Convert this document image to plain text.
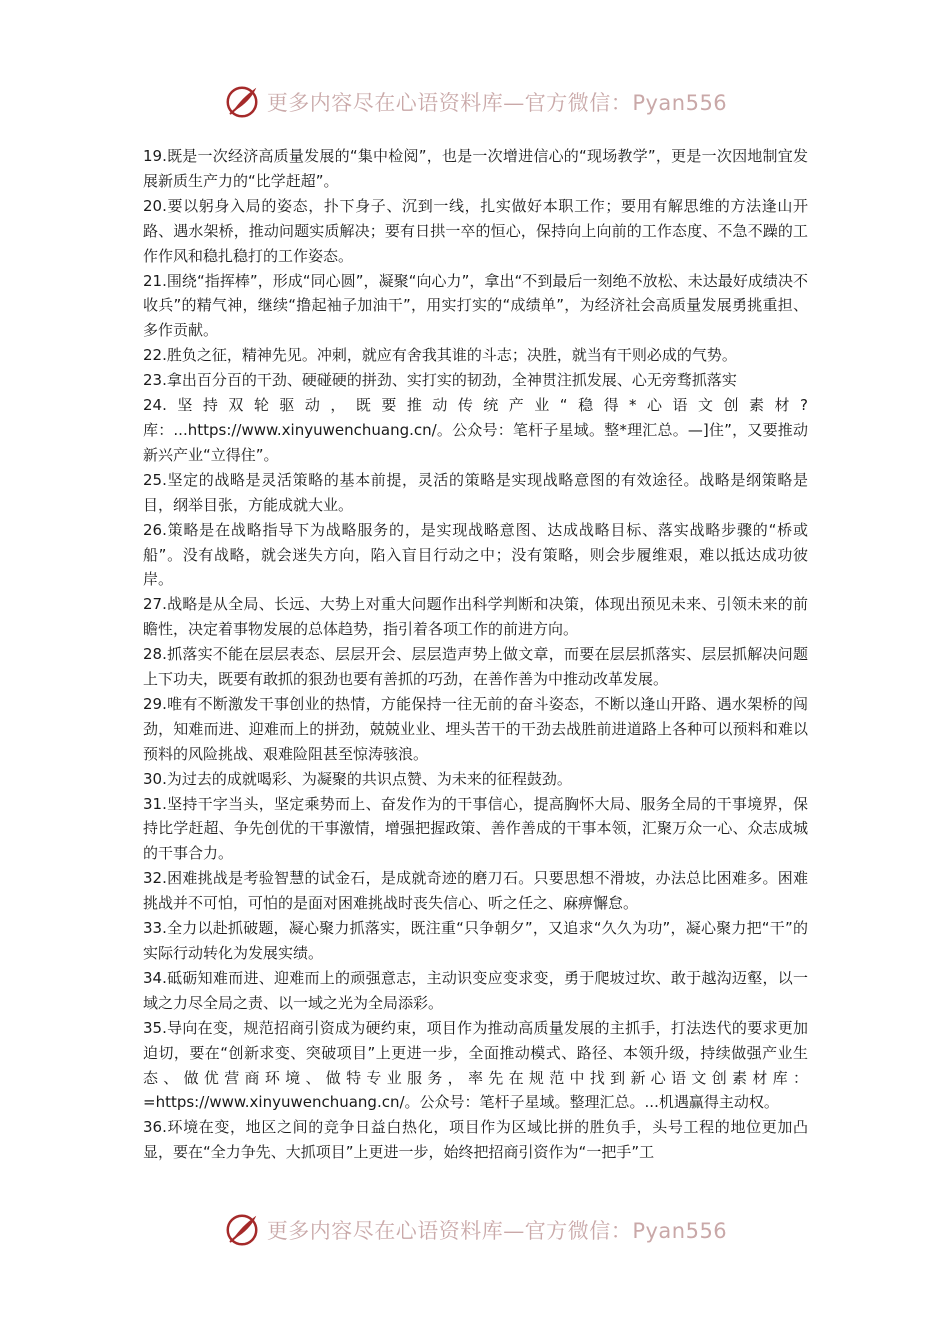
更多内容尽在心语资料库—官方微信：Pyan556

19.既是一次经济高质量发展的“集中检阅”，也是一次增进信心的“现场教学”，更是一次因地制宜发展新质生产力的“比学赶超”。

20.要以躬身入局的姿态，扑下身子、沉到一线，扎实做好本职工作；要用有解思维的方法逢山开路、遇水架桥，推动问题实质解决；要有日拱一卒的恒心，保持向上向前的工作态度、不急不躁的工作作风和稳扎稳打的工作姿态。

21.围绕“指挥棒”，形成“同心圆”，凝聚“向心力”，拿出“不到最后一刻绝不放松、未达最好成绩决不收兵”的精气神，继续“撸起袖子加油干”，用实打实的“成绩单”，为经济社会高质量发展勇挑重担、多作贡献。

22.胜负之征，精神先见。冲刺，就应有舍我其谁的斗志；决胜，就当有干则必成的气势。

23.拿出百分百的干劲、硬碰硬的拼劲、实打实的韧劲，全神贯注抓发展、心无旁骛抓落实

24.坚持双轮驱动，既要推动传统产业“稳得*心语文创素材?库：...https://www.xinyuwenchuang.cn/。公众号：笔杆子星域。整*理汇总。—]住”，又要推动新兴产业“立得住”。

25.坚定的战略是灵活策略的基本前提，灵活的策略是实现战略意图的有效途径。战略是纲策略是目，纲举目张，方能成就大业。

26.策略是在战略指导下为战略服务的，是实现战略意图、达成战略目标、落实战略步骤的“桥或船”。没有战略，就会迷失方向，陷入盲目行动之中；没有策略，则会步履维艰，难以抵达成功彼岸。

27.战略是从全局、长远、大势上对重大问题作出科学判断和决策，体现出预见未来、引领未来的前瞻性，决定着事物发展的总体趋势，指引着各项工作的前进方向。

28.抓落实不能在层层表态、层层开会、层层造声势上做文章，而要在层层抓落实、层层抓解决问题上下功夫，既要有敢抓的狠劲也要有善抓的巧劲，在善作善为中推动改革发展。

29.唯有不断激发干事创业的热情，方能保持一往无前的奋斗姿态，不断以逢山开路、遇水架桥的闯劲，知难而进、迎难而上的拼劲，兢兢业业、埋头苦干的干劲去战胜前进道路上各种可以预料和难以预料的风险挑战、艰难险阻甚至惊涛骇浪。

30.为过去的成就喝彩、为凝聚的共识点赞、为未来的征程鼓劲。

31.坚持干字当头，坚定乘势而上、奋发作为的干事信心，提高胸怀大局、服务全局的干事境界，保持比学赶超、争先创优的干事激情，增强把握政策、善作善成的干事本领，汇聚万众一心、众志成城的干事合力。

32.困难挑战是考验智慧的试金石，是成就奇迹的磨刀石。只要思想不滑坡，办法总比困难多。困难挑战并不可怕，可怕的是面对困难挑战时丧失信心、听之任之、麻痹懈怠。

33.全力以赴抓破题，凝心聚力抓落实，既注重“只争朝夕”，又追求“久久为功”，凝心聚力把“干”的实际行动转化为发展实绩。

34.砥砺知难而进、迎难而上的顽强意志，主动识变应变求变，勇于爬坡过坎、敢于越沟迈壑，以一域之力尽全局之责、以一域之光为全局添彩。

35.导向在变，规范招商引资成为硬约束，项目作为推动高质量发展的主抓手，打法迭代的要求更加迫切，要在“创新求变、突破项目”上更进一步，全面推动模式、路径、本领升级，持续做强产业生态、做优营商环境、做特专业服务，率先在规范中找到新心语文创素材库：=https://www.xinyuwenchuang.cn/。公众号：笔杆子星域。整理汇总。...机遇赢得主动权。

36.环境在变，地区之间的竞争日益白热化，项目作为区域比拼的胜负手，头号工程的地位更加凸显，要在“全力争先、大抓项目”上更进一步，始终把招商引资作为“一把手”工

更多内容尽在心语资料库—官方微信：Pyan556
